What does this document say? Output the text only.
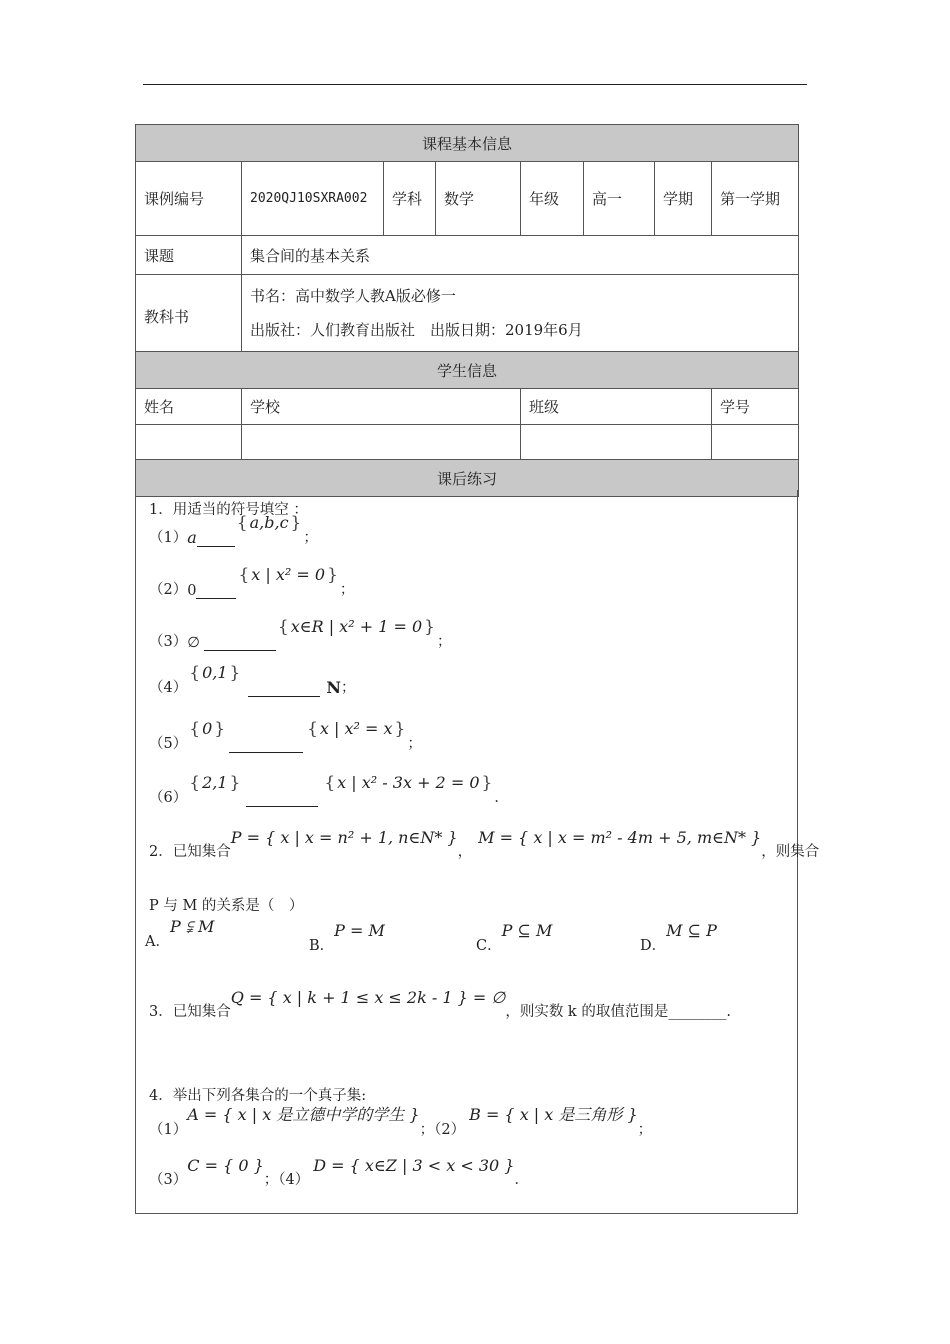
课程基本信息							
课例编号	2020QJ10SXRA002	学科	数学	年级	高一	学期	第一学期
课题	集合间的基本关系						
教科书	书名：高中数学人教A版必修一
出版社：人们教育出版社　出版日期：2019年6月						

学生信息							
姓名	学校			班级			学号

课后练习							
1．用适当的符号填空 ：
（1） a
{ a,b,c }
；
（2） 0
{ x | x² = 0 }
；
（3） ∅
{ x∈R | x² + 1 = 0 }
；
（4）
{ 0,1 }
N ；
（5）
{ 0 }	{ x | x² = x }
；
（6）
{ 2,1 }	{ x | x² - 3x + 2 = 0 }
．
2．已知集合
P = { x | x = n² + 1, n∈N* }
，
M = { x | x = m² - 4m + 5, m∈N* }
，则集合
P 与 M 的关系是（　）
A．P ⫋ M
B．P = M
C．P ⊆ M
D．M ⊆ P
3．已知集合
Q = { x | k + 1 ≤ x ≤ 2k - 1 } = ∅
，则实数 k 的取值范围是________.
4．举出下列各集合的一个真子集:
（1）
A = { x | x 是立德中学的学生 }
；（2）
B = { x | x 是三角形 }
；
（3）
C = { 0 }
；（4）
D = { x∈Z | 3 < x < 30 }
．
